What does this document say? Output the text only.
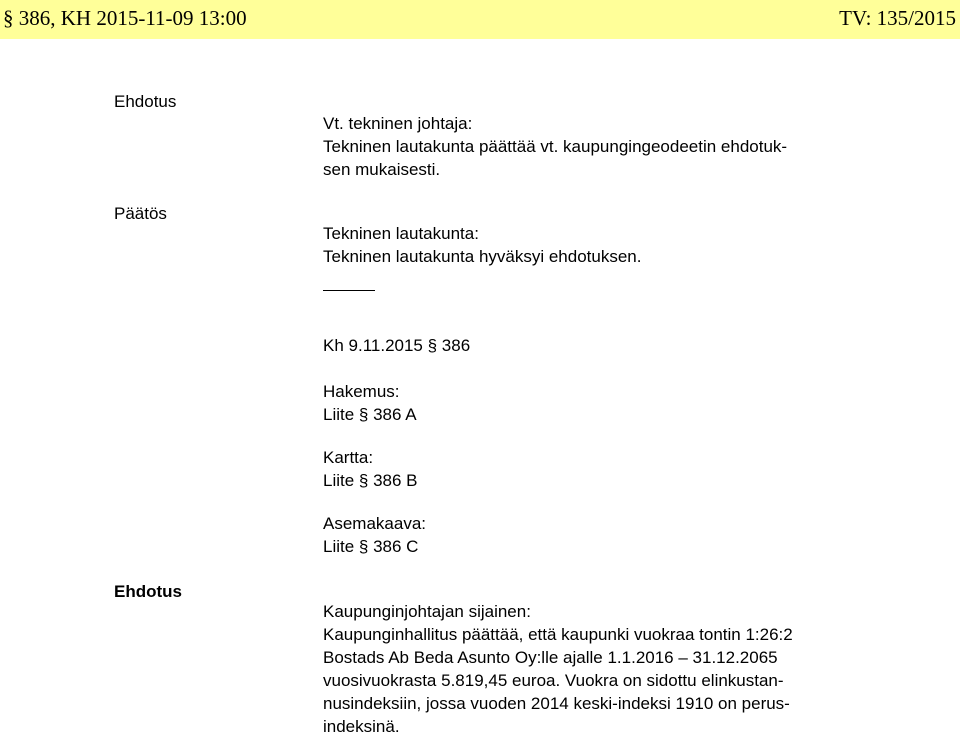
§ 386, KH 2015-11-09 13:00	TV: 135/2015
Ehdotus
Päätös
Ehdotus
Vt. tekninen johtaja:
Tekninen lautakunta päättää vt. kaupungingeodeetin ehdotuk-
sen mukaisesti.
Tekninen lautakunta:
Tekninen lautakunta hyväksyi ehdotuksen.
Kh 9.11.2015 § 386
Hakemus:
Liite § 386 A
Kartta:
Liite § 386 B
Asemakaava:
Liite § 386 C
Kaupunginjohtajan sijainen:
Kaupunginhallitus päättää, että kaupunki vuokraa tontin 1:26:2
Bostads Ab Beda Asunto Oy:lle ajalle 1.1.2016 – 31.12.2065
vuosivuokrasta 5.819,45 euroa. Vuokra on sidottu elinkustan-
nusindeksiin, jossa vuoden 2014 keski-indeksi 1910 on perus-
indeksinä.
